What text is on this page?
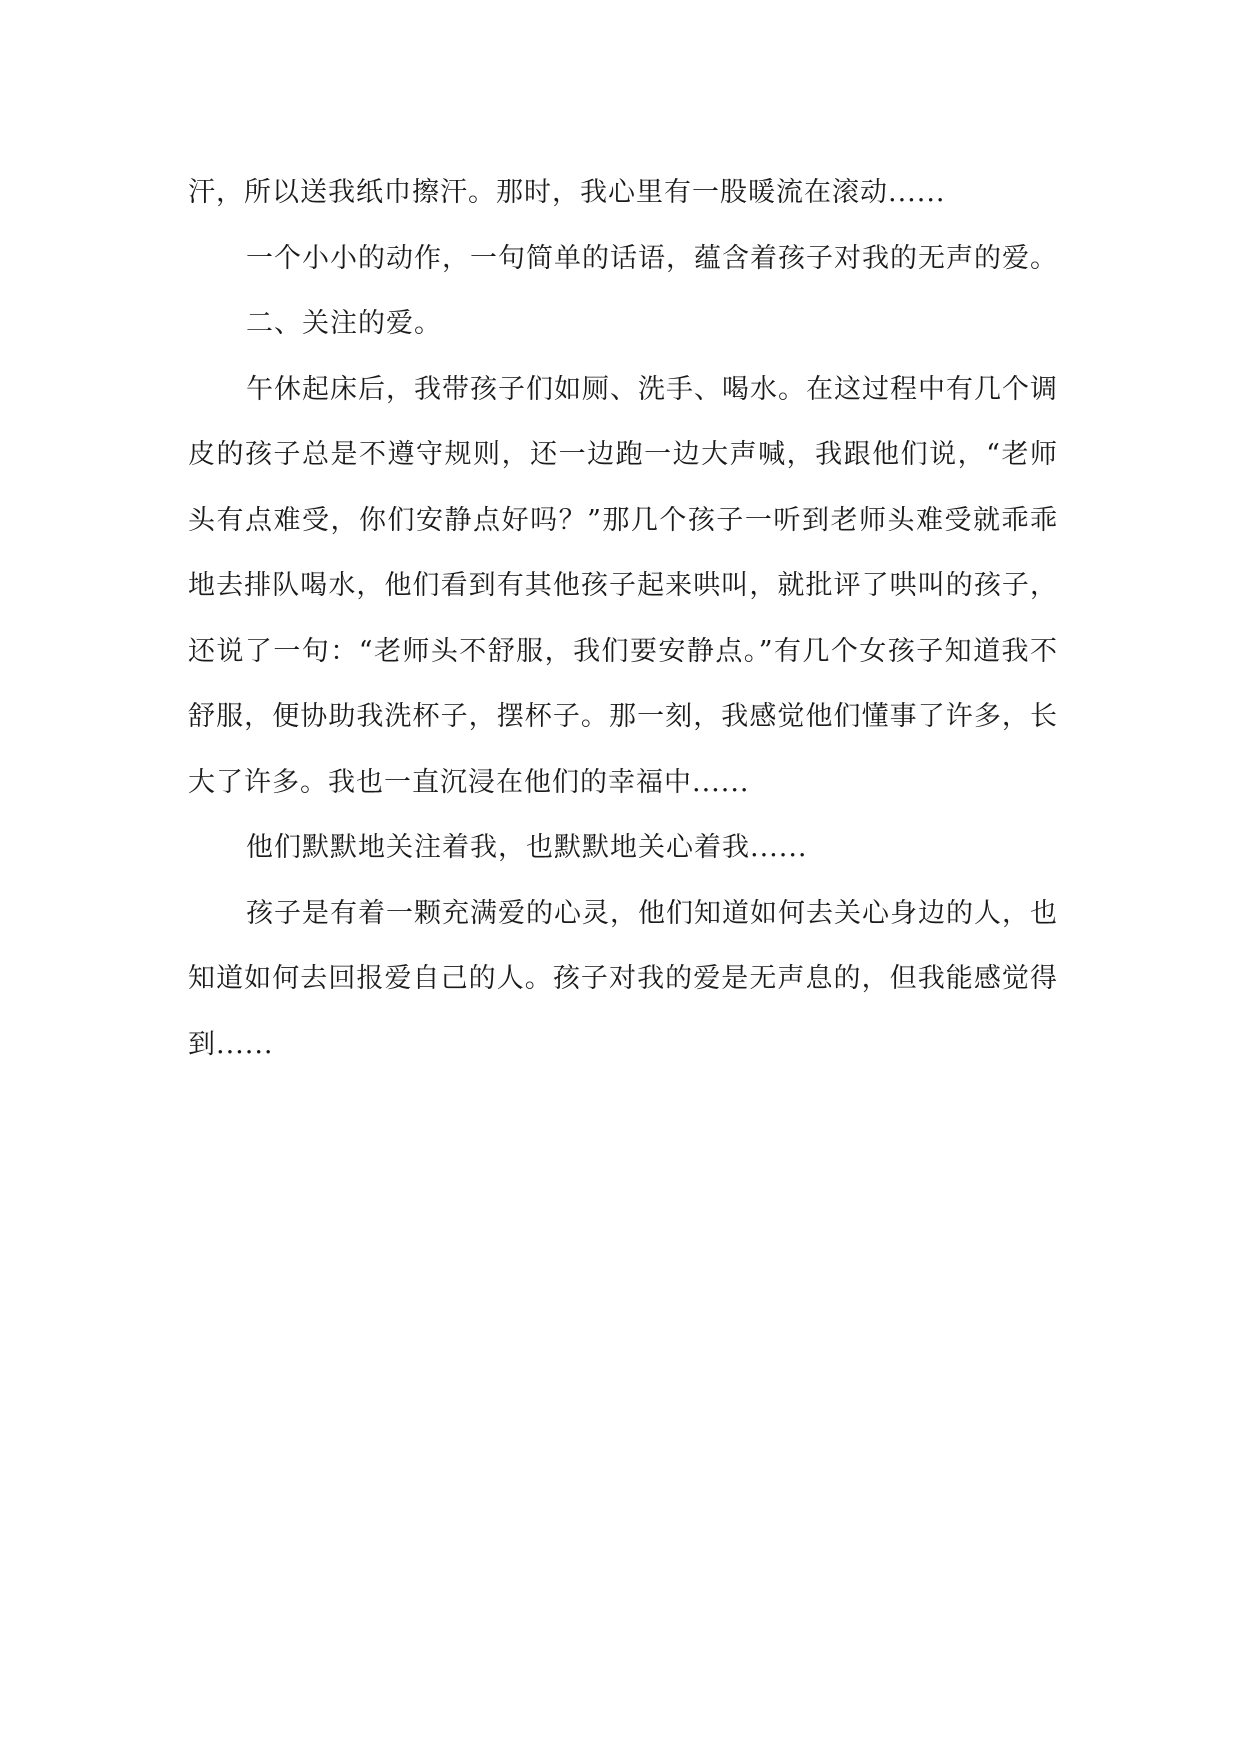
汗，所以送我纸巾擦汗。那时，我心里有一股暖流在滚动......

一个小小的动作，一句简单的话语，蕴含着孩子对我的无声的爱。

二、关注的爱。

午休起床后，我带孩子们如厕、洗手、喝水。在这过程中有几个调皮的孩子总是不遵守规则，还一边跑一边大声喊，我跟他们说，“老师头有点难受，你们安静点好吗？”那几个孩子一听到老师头难受就乖乖地去排队喝水，他们看到有其他孩子起来哄叫，就批评了哄叫的孩子，还说了一句：“老师头不舒服，我们要安静点。”有几个女孩子知道我不舒服，便协助我洗杯子，摆杯子。那一刻，我感觉他们懂事了许多，长大了许多。我也一直沉浸在他们的幸福中......

他们默默地关注着我，也默默地关心着我......

孩子是有着一颗充满爱的心灵，他们知道如何去关心身边的人，也知道如何去回报爱自己的人。孩子对我的爱是无声息的，但我能感觉得到......
